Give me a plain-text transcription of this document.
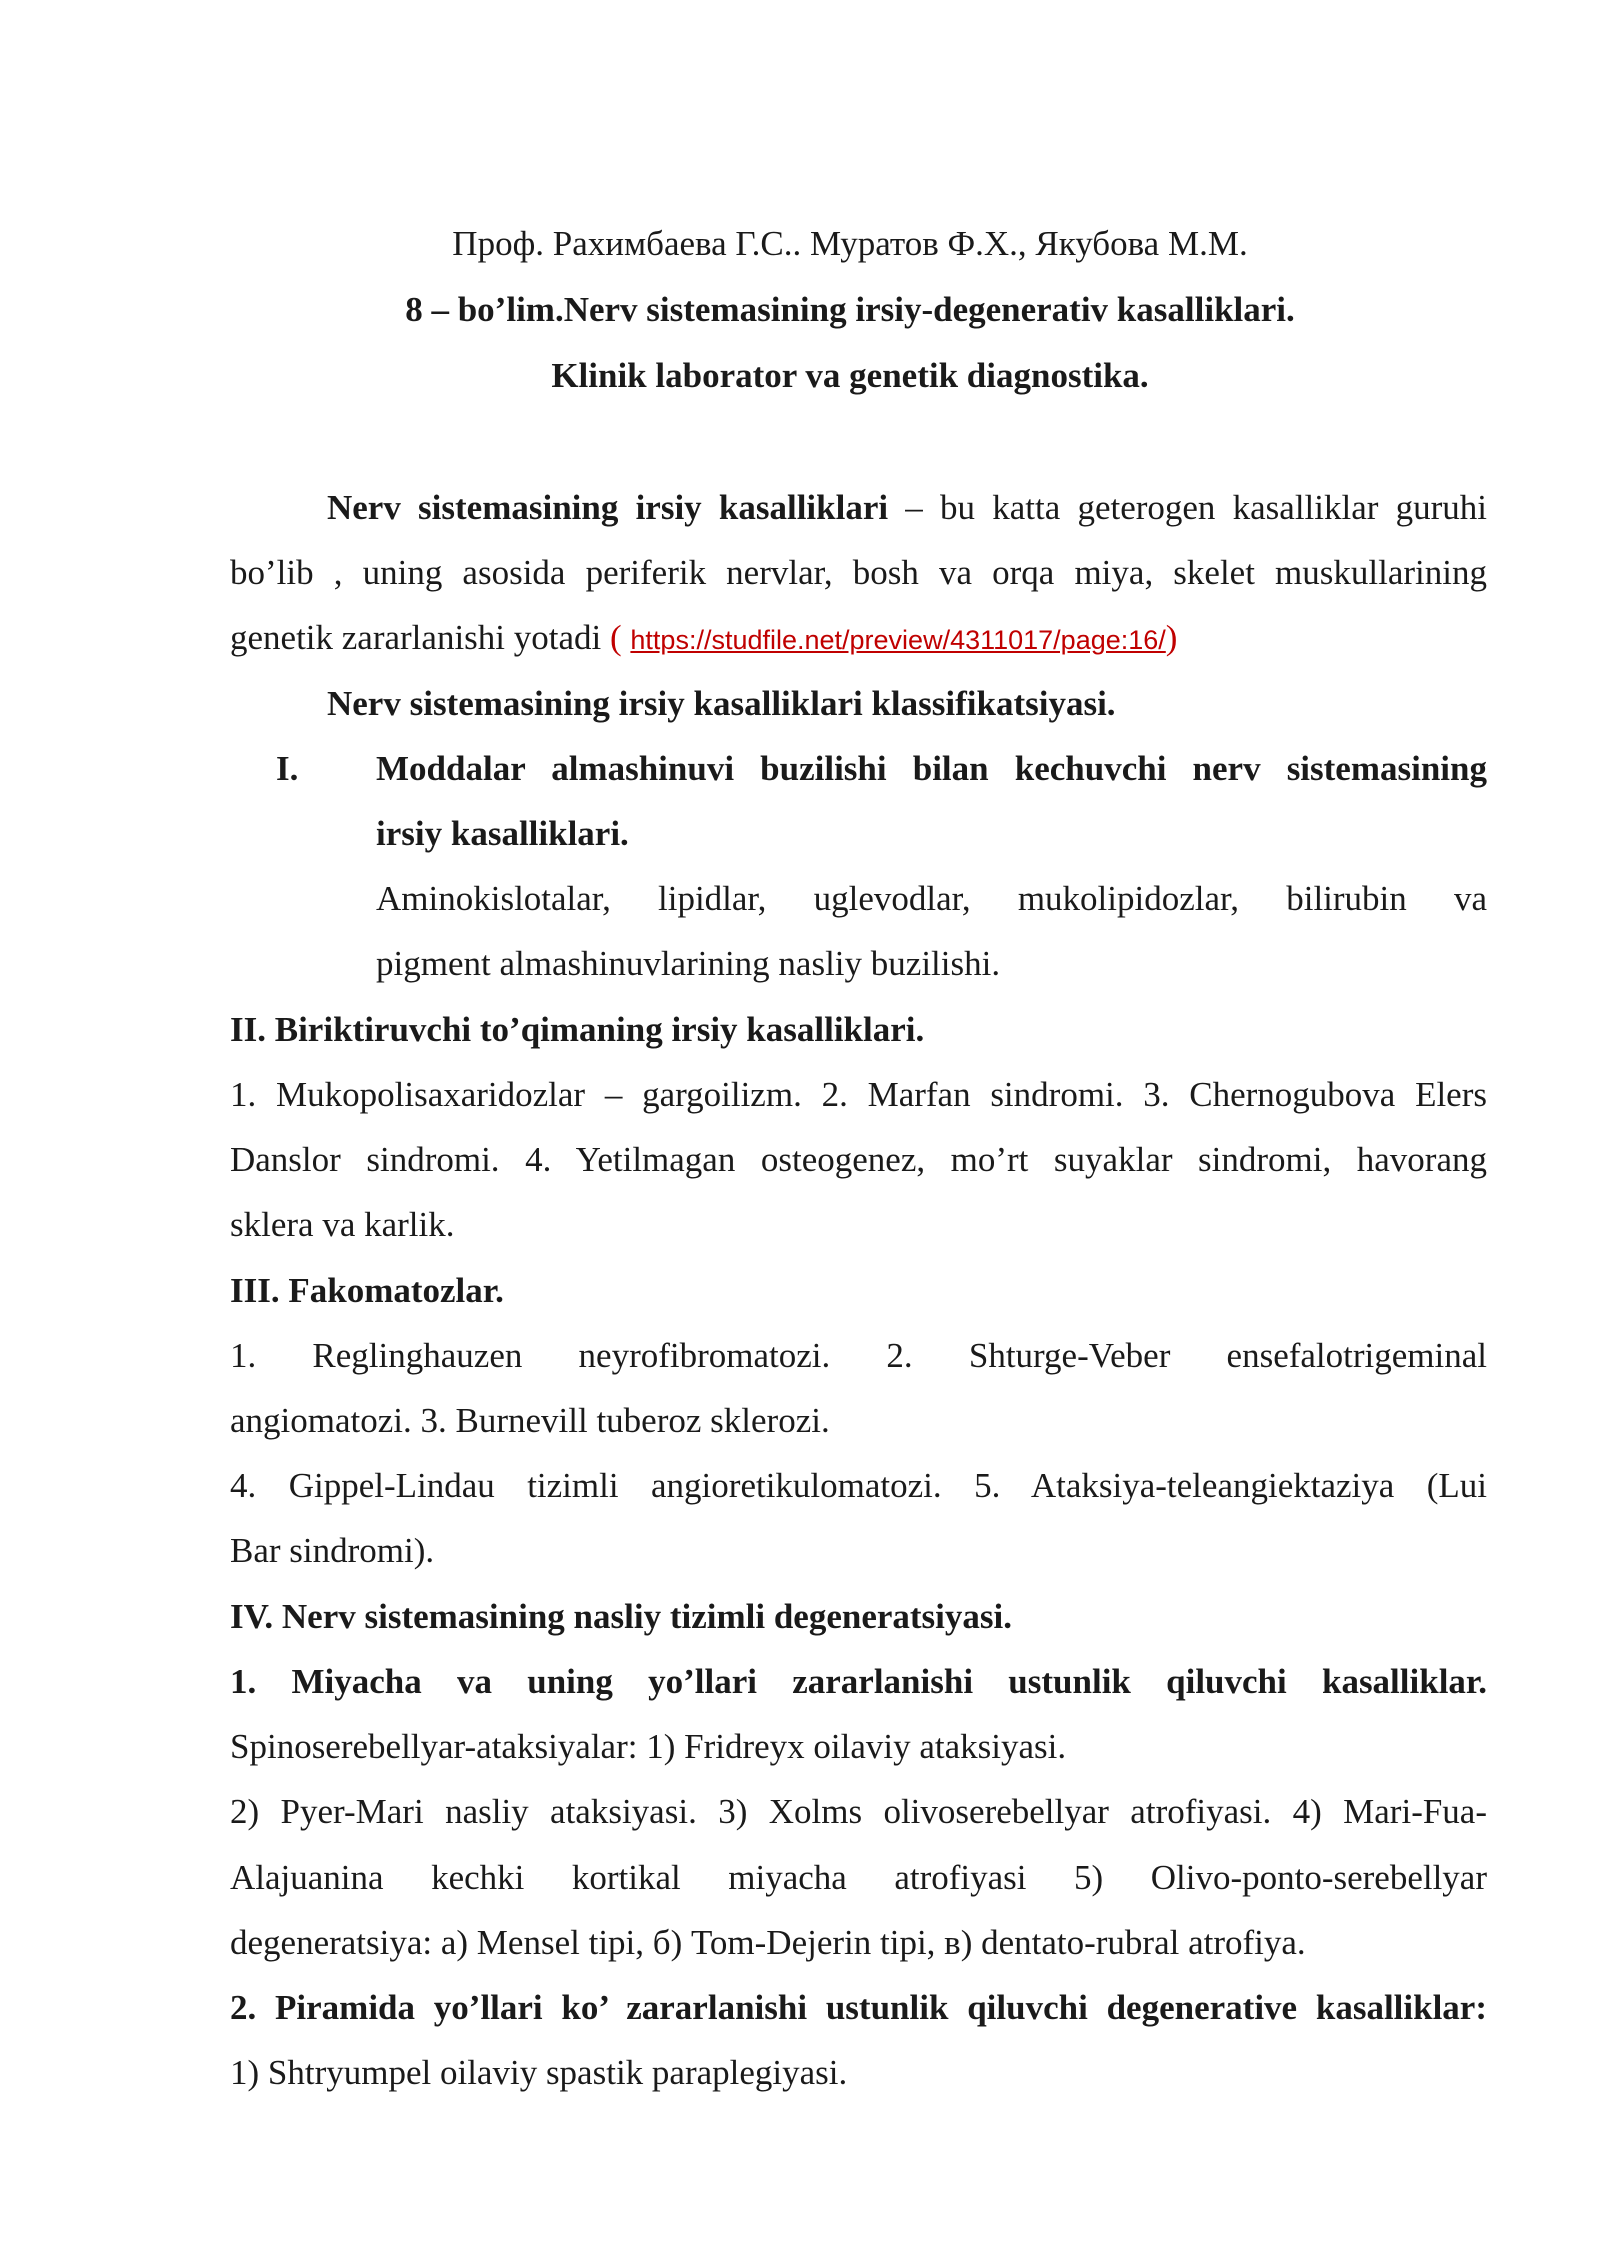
Проф. Рахимбаева Г.С.. Муратов Ф.Х., Якубова М.М.
8 – bo’lim.Nerv sistemasining irsiy-degenerativ kasalliklari.
Klinik laborator va genetik diagnostika.
Nerv sistemasining irsiy kasalliklari – bu katta geterogen kasalliklar guruhi
bo’lib , uning asosida periferik nervlar, bosh va orqa miya, skelet muskullarining
genetik zararlanishi yotadi ( https://studfile.net/preview/4311017/page:16/)
Nerv sistemasining irsiy kasalliklari klassifikatsiyasi.
I. Moddalar almashinuvi buzilishi bilan kechuvchi nerv sistemasining
irsiy kasalliklari.
Aminokislotalar, lipidlar, uglevodlar, mukolipidozlar, bilirubin va
pigment almashinuvlarining nasliy buzilishi.
II. Biriktiruvchi to’qimaning irsiy kasalliklari.
1. Mukopolisaxaridozlar – gargoilizm. 2. Marfan sindromi. 3. Chernogubova Elers
Danslor sindromi. 4. Yetilmagan osteogenez, mo’rt suyaklar sindromi, havorang
sklera va karlik.
III. Fakomatozlar.
1. Reglinghauzen neyrofibromatozi. 2. Shturge-Veber ensefalotrigeminal
angiomatozi. 3. Burnevill tuberoz sklerozi.
4. Gippel-Lindau tizimli angioretikulomatozi. 5. Ataksiya-teleangiektaziya (Lui
Bar sindromi).
IV. Nerv sistemasining nasliy tizimli degeneratsiyasi.
1. Miyacha va uning yo’llari zararlanishi ustunlik qiluvchi kasalliklar.
Spinoserebellyar-ataksiyalar: 1) Fridreyx oilaviy ataksiyasi.
2) Pyer-Mari nasliy ataksiyasi. 3) Xolms olivoserebellyar atrofiyasi. 4) Mari-Fua-
Alajuanina kechki kortikal miyacha atrofiyasi 5) Olivo-ponto-serebellyar
degeneratsiya: а) Mensel tipi, б) Tom-Dejerin tipi, в) dentato-rubral atrofiya.
2. Piramida yo’llari ko’ zararlanishi ustunlik qiluvchi degenerative kasalliklar:
1) Shtryumpel oilaviy spastik paraplegiyasi.
